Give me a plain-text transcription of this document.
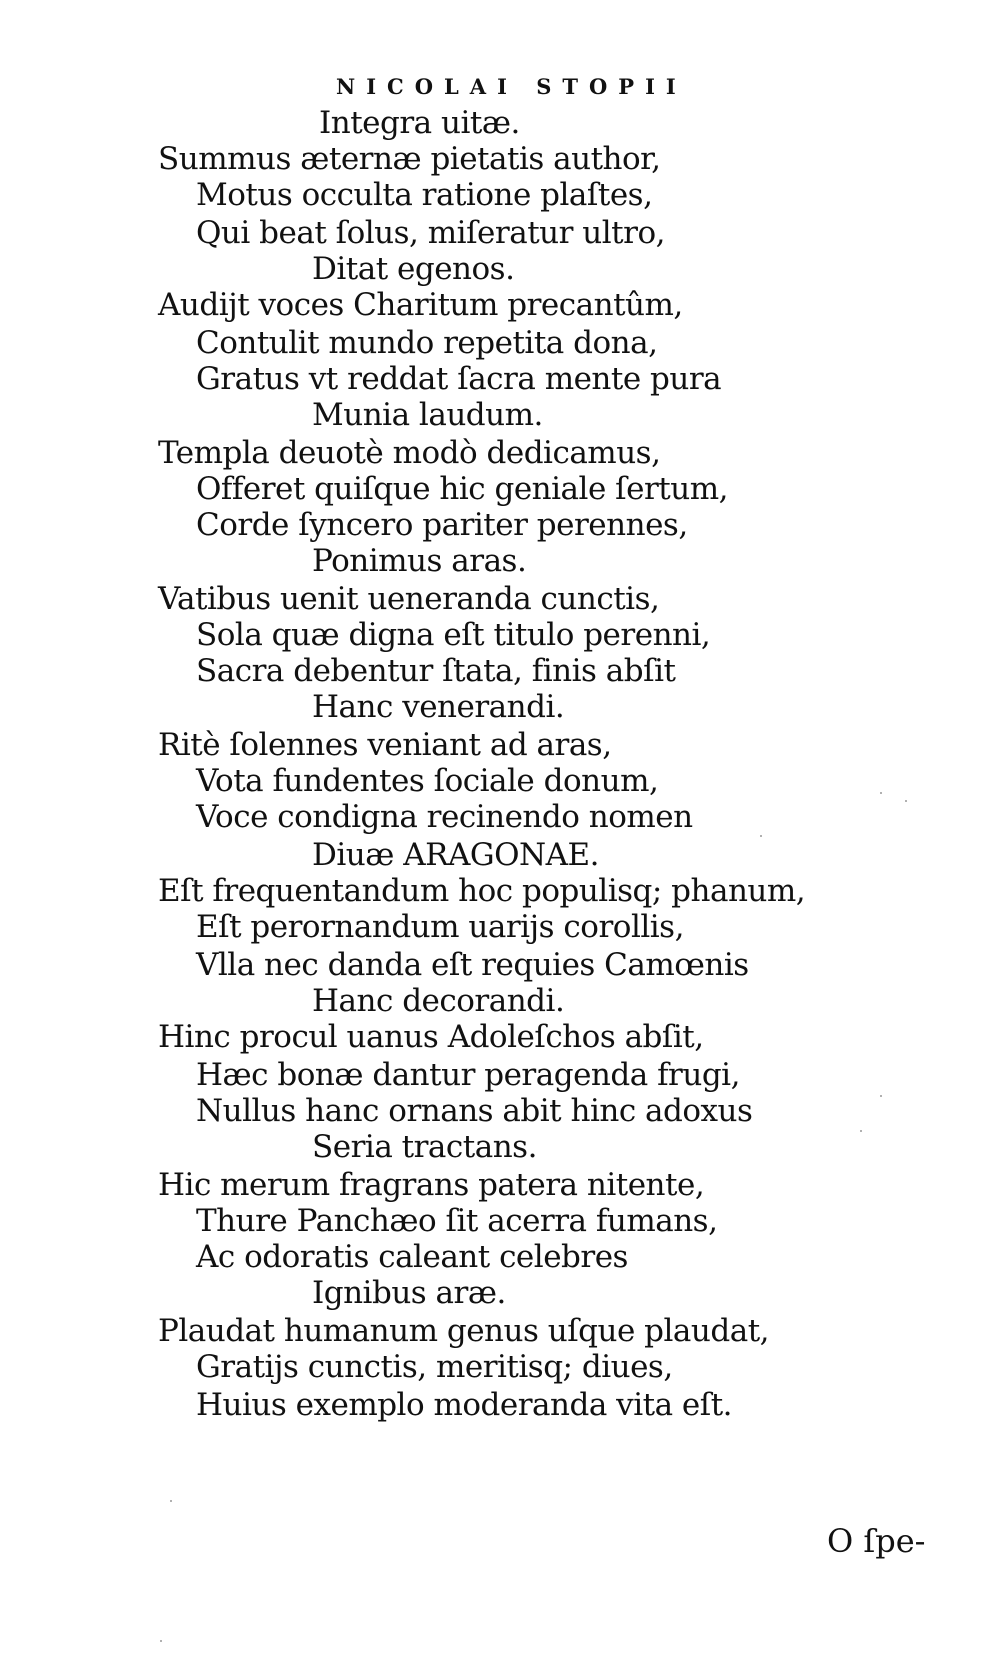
NICOLAI STOPII
Integra uitæ.
Summus æternæ pietatis author,
Motus occulta ratione plaſtes,
Qui beat ſolus, miſeratur ultro,
Ditat egenos.
Audijt voces Charitum precantûm,
Contulit mundo repetita dona,
Gratus vt reddat ſacra mente pura
Munia laudum.
Templa deuotè modò dedicamus,
Offeret quiſque hic geniale ſertum,
Corde ſyncero pariter perennes,
Ponimus aras.
Vatibus uenit ueneranda cunctis,
Sola quæ digna eſt titulo perenni,
Sacra debentur ſtata, finis abſit
Hanc venerandi.
Ritè ſolennes veniant ad aras,
Vota fundentes ſociale donum,
Voce condigna recinendo nomen
Diuæ ARAGONAE.
Eſt frequentandum hoc populisq; phanum,
Eſt perornandum uarijs corollis,
Vlla nec danda eſt requies Camœnis
Hanc decorandi.
Hinc procul uanus Adoleſchos abſit,
Hæc bonæ dantur peragenda frugi,
Nullus hanc ornans abit hinc adoxus
Seria tractans.
Hic merum fragrans patera nitente,
Thure Panchæo ſit acerra fumans,
Ac odoratis caleant celebres
Ignibus aræ.
Plaudat humanum genus uſque plaudat,
Gratijs cunctis, meritisq; diues,
Huius exemplo moderanda vita eſt.
O ſpe-
